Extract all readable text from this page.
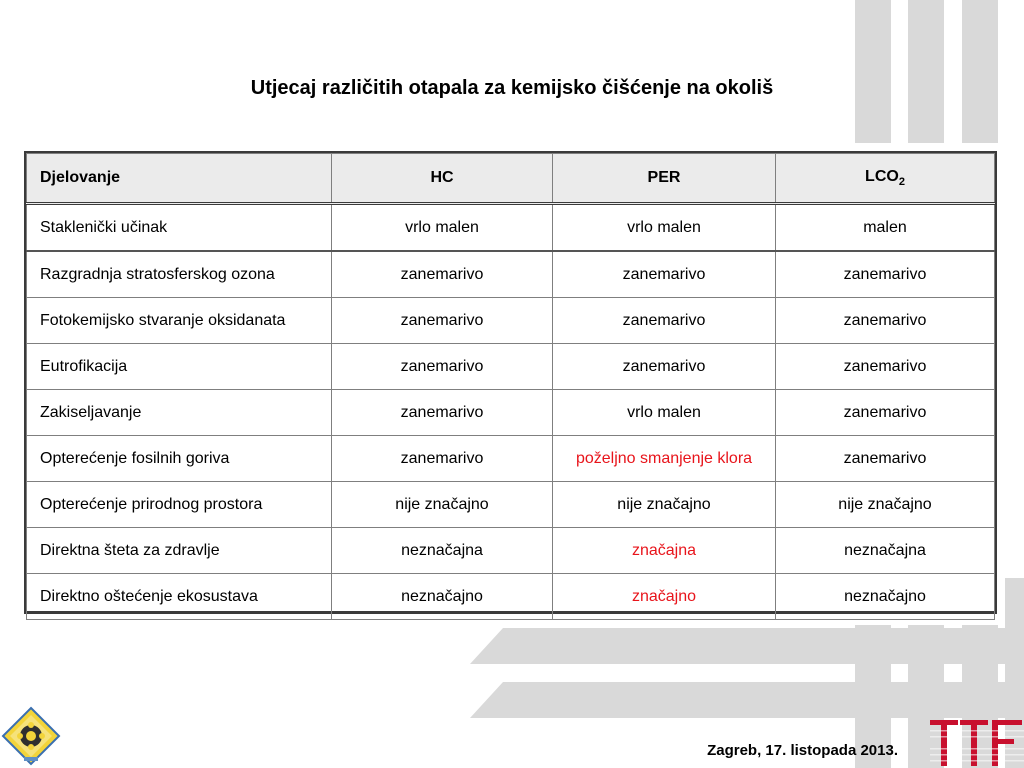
Utjecaj različitih otapala za kemijsko čišćenje na okoliš
Djelovanje	HC	PER	$LCO_2$
Staklenički učinak	vrlo malen	vrlo malen	malen
Razgradnja stratosferskog ozona	zanemarivo	zanemarivo	zanemarivo
Fotokemijsko stvaranje oksidanata	zanemarivo	zanemarivo	zanemarivo
Eutrofikacija	zanemarivo	zanemarivo	zanemarivo
Zakiseljavanje	zanemarivo	vrlo malen	zanemarivo
Opterećenje fosilnih goriva	zanemarivo	poželjno smanjenje klora	zanemarivo
Opterećenje prirodnog prostora	nije značajno	nije značajno	nije značajno
Direktna šteta za zdravlje	neznačajna	značajna	neznačajna
Direktno oštećenje ekosustava	neznačajno	značajno	neznačajno
Zagreb, 17. listopada 2013.
